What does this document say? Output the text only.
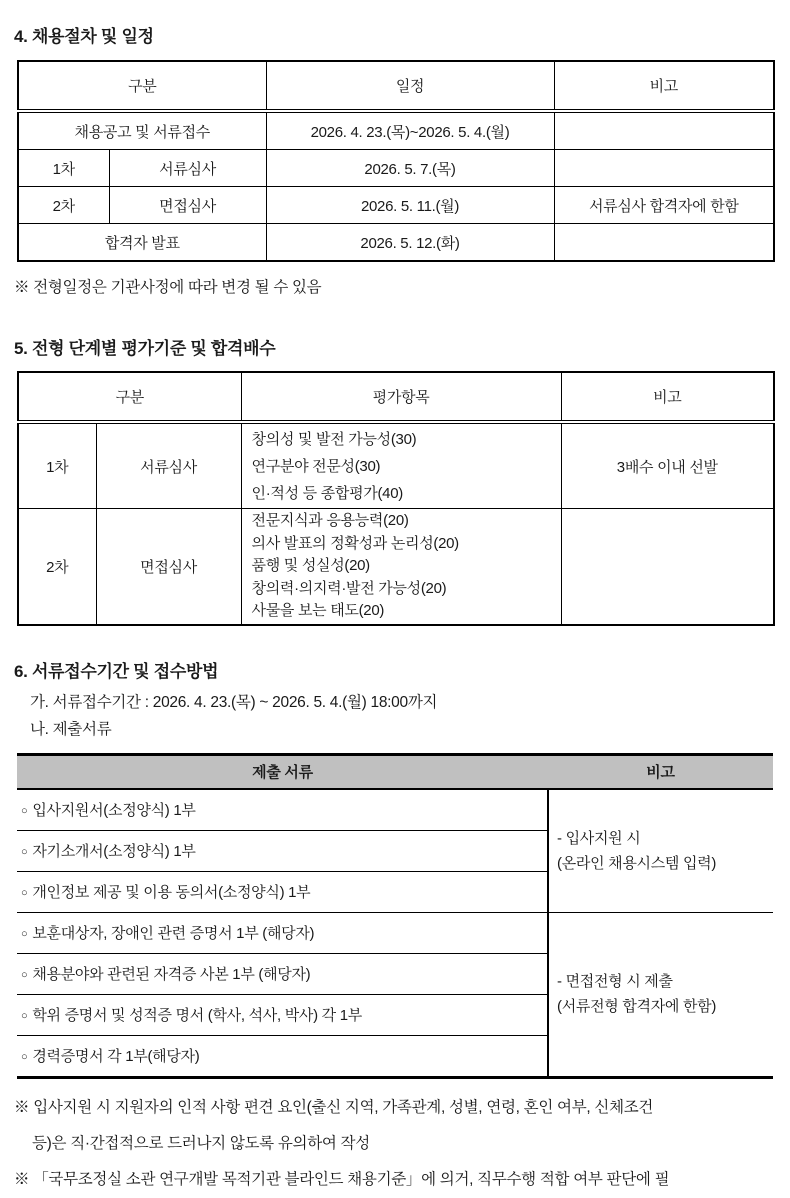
4. 채용절차 및 일정
구분		일정	비고
채용공고 및 서류접수		2026. 4. 23.(목)~2026. 5. 4.(월)	
1차	서류심사	2026. 5. 7.(목)	
2차	면접심사	2026. 5. 11.(월)	서류심사 합격자에 한함
합격자 발표		2026. 5. 12.(화)	
※ 전형일정은 기관사정에 따라 변경 될 수 있음
5. 전형 단계별 평가기준 및 합격배수
구분		평가항목	비고
1차	서류심사	창의성 및 발전 가능성(30)
연구분야 전문성(30)
인·적성 등 종합평가(40)	3배수 이내 선발
2차	면접심사	전문지식과 응용능력(20)
의사 발표의 정확성과 논리성(20)
품행 및 성실성(20)
창의력·의지력·발전 가능성(20)
사물을 보는 태도(20)	

6. 서류접수기간 및 접수방법
가. 서류접수기간 : 2026. 4. 23.(목) ~ 2026. 5. 4.(월) 18:00까지
나. 제출서류
제출 서류	비고
○ 입사지원서(소정양식) 1부	- 입사지원 시
(온라인 채용시스템 입력)

○ 자기소개서(소정양식) 1부	
○ 개인정보 제공 및 이용 동의서(소정양식) 1부	
○ 보훈대상자, 장애인 관련 증명서 1부 (해당자)	- 면접전형 시 제출
(서류전형 합격자에 한함)

○ 채용분야와 관련된 자격증 사본 1부 (해당자)	
○ 학위 증명서 및 성적증 명서 (학사, 석사, 박사) 각 1부	
○ 경력증명서 각 1부(해당자)	
※ 입사지원 시 지원자의 인적 사항 편견 요인(출신 지역, 가족관계, 성별, 연령, 혼인 여부, 신체조건
등)은 직·간접적으로 드러나지 않도록 유의하여 작성
※ 「국무조정실 소관 연구개발 목적기관 블라인드 채용기준」에 의거, 직무수행 적합 여부 판단에 필
